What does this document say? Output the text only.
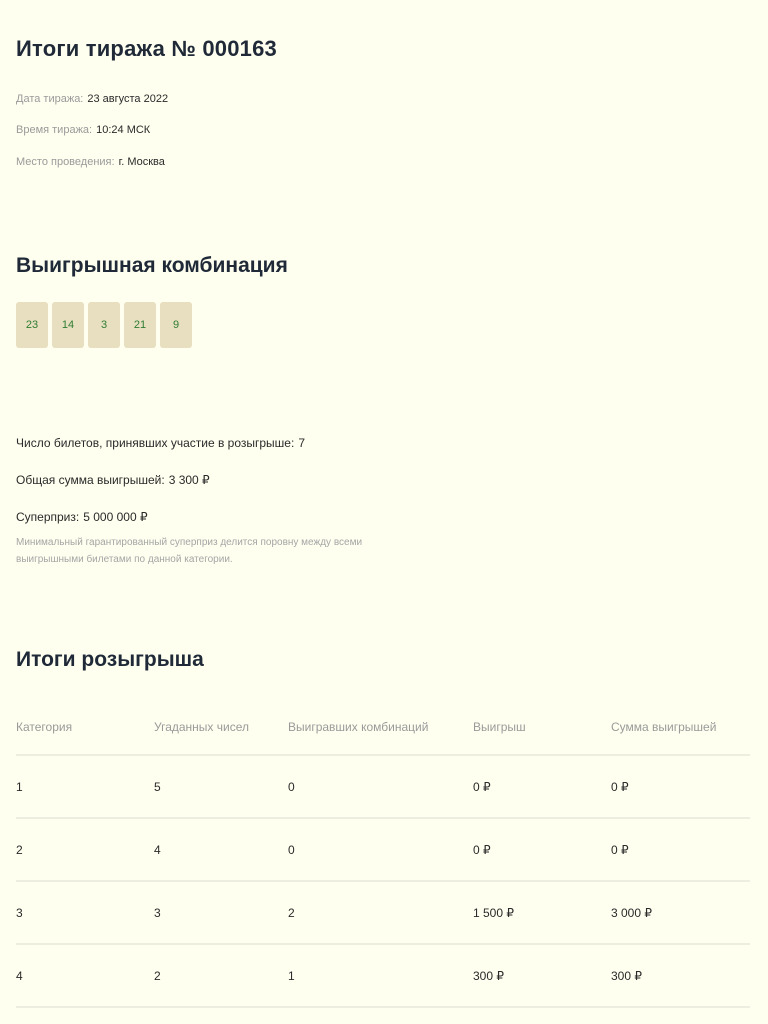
Итоги тиража № 000163
Дата тиража: 23 августа 2022
Время тиража: 10:24 МСК
Место проведения: г. Москва
Выигрышная комбинация
23	14	3	21	9
Число билетов, принявших участие в розыгрыше: 7
Общая сумма выигрышей: 3 300 ₽
Суперприз: 5 000 000 ₽
Минимальный гарантированный суперприз делится поровну между всеми выигрышными билетами по данной категории.
Итоги розыгрыша
Категория	Угаданных чисел	Выигравших комбинаций	Выигрыш	Сумма выигрышей
1	5	0	0 ₽	0 ₽
2	4	0	0 ₽	0 ₽
3	3	2	1 500 ₽	3 000 ₽
4	2	1	300 ₽	300 ₽
